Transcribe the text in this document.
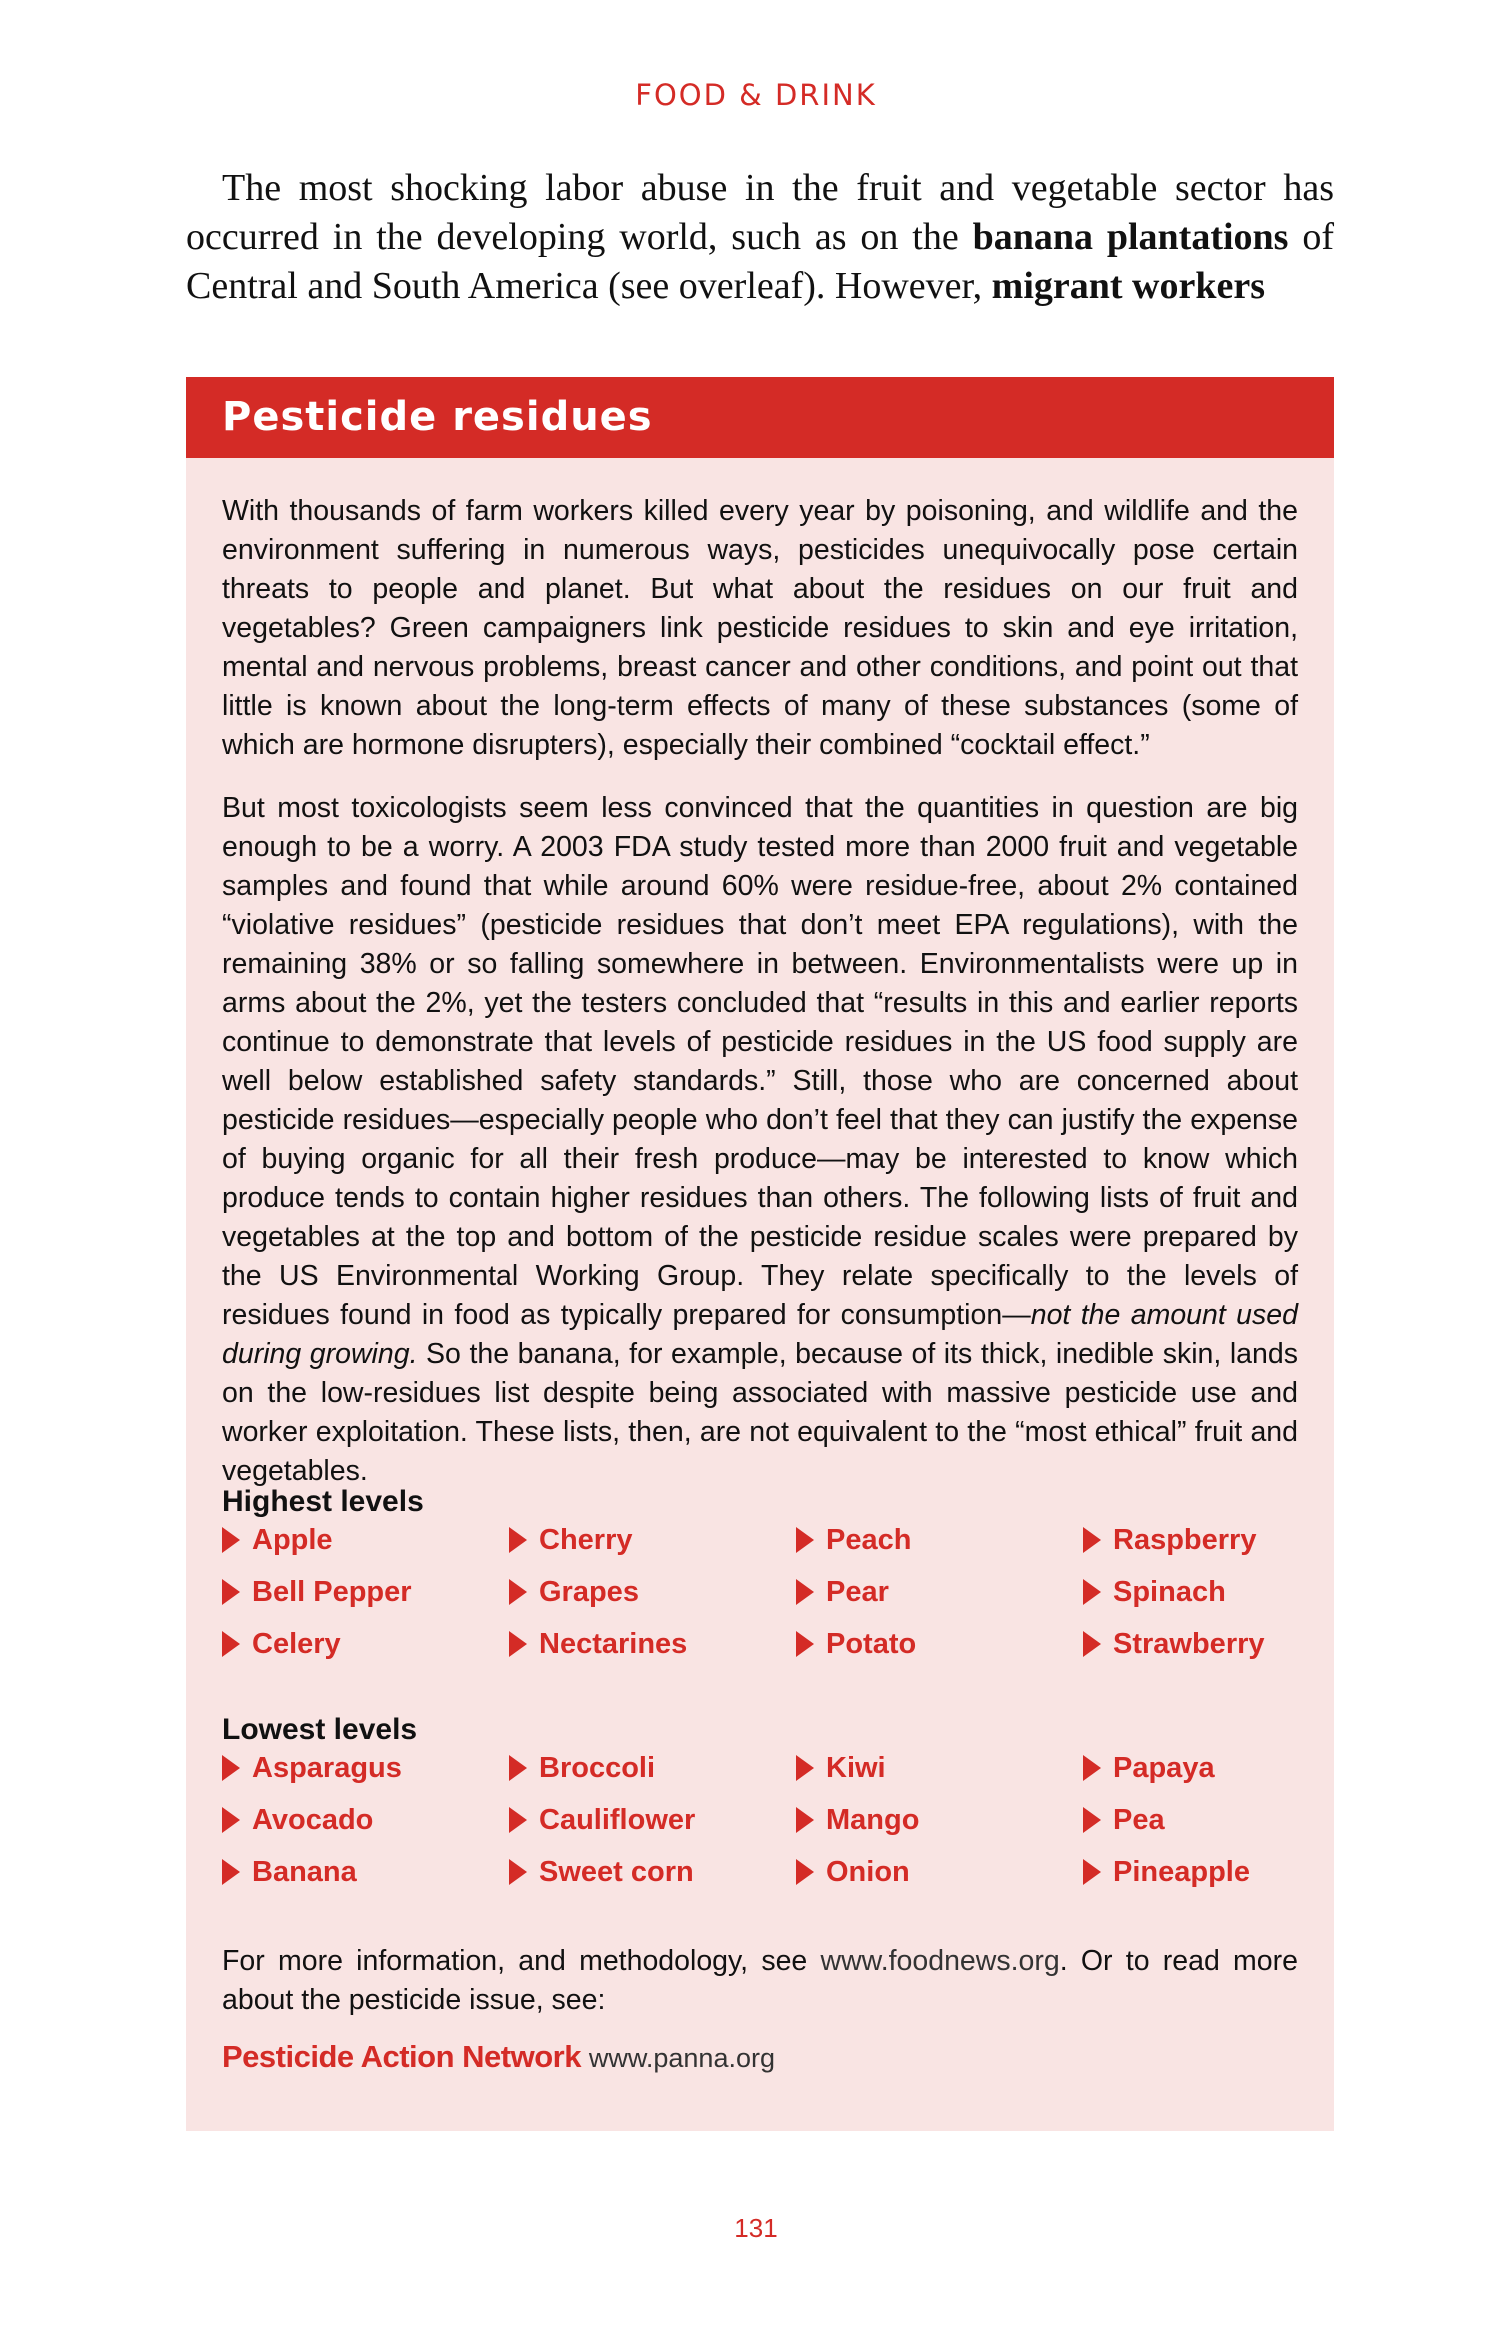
FOOD & DRINK

The most shocking labor abuse in the fruit and vegetable sector has occurred in the developing world, such as on the banana plantations of Central and South America (see overleaf). However, migrant workers

Pesticide residues

With thousands of farm workers killed every year by poisoning, and wildlife and the environment suffering in numerous ways, pesticides unequivocally pose certain threats to people and planet. But what about the residues on our fruit and vegetables? Green campaigners link pesticide residues to skin and eye irritation, mental and nervous problems, breast cancer and other conditions, and point out that little is known about the long-term effects of many of these substances (some of which are hormone disrupters), especially their combined “cocktail effect.”

But most toxicologists seem less convinced that the quantities in question are big enough to be a worry. A 2003 FDA study tested more than 2000 fruit and vegetable samples and found that while around 60% were residue-free, about 2% contained “violative residues” (pesticide residues that don’t meet EPA regulations), with the remaining 38% or so falling somewhere in between. Environmentalists were up in arms about the 2%, yet the testers concluded that “results in this and earlier reports continue to demonstrate that levels of pesticide residues in the US food supply are well below established safety standards.” Still, those who are concerned about pesticide residues—especially people who don’t feel that they can justify the expense of buying organic for all their fresh produce—may be interested to know which produce tends to contain higher residues than others. The following lists of fruit and vegetables at the top and bottom of the pesticide residue scales were prepared by the US Environmental Working Group. They relate specifically to the levels of residues found in food as typically prepared for consumption—not the amount used during growing. So the banana, for example, because of its thick, inedible skin, lands on the low-residues list despite being associated with massive pesticide use and worker exploitation. These lists, then, are not equivalent to the “most ethical” fruit and vegetables.

Highest levels
Apple	Cherry	Peach	Raspberry
Bell Pepper	Grapes	Pear	Spinach
Celery	Nectarines	Potato	Strawberry
Lowest levels
Asparagus	Broccoli	Kiwi	Papaya
Avocado	Cauliflower	Mango	Pea
Banana	Sweet corn	Onion	Pineapple

For more information, and methodology, see www.foodnews.org. Or to read more about the pesticide issue, see:

Pesticide Action Network www.panna.org
131
